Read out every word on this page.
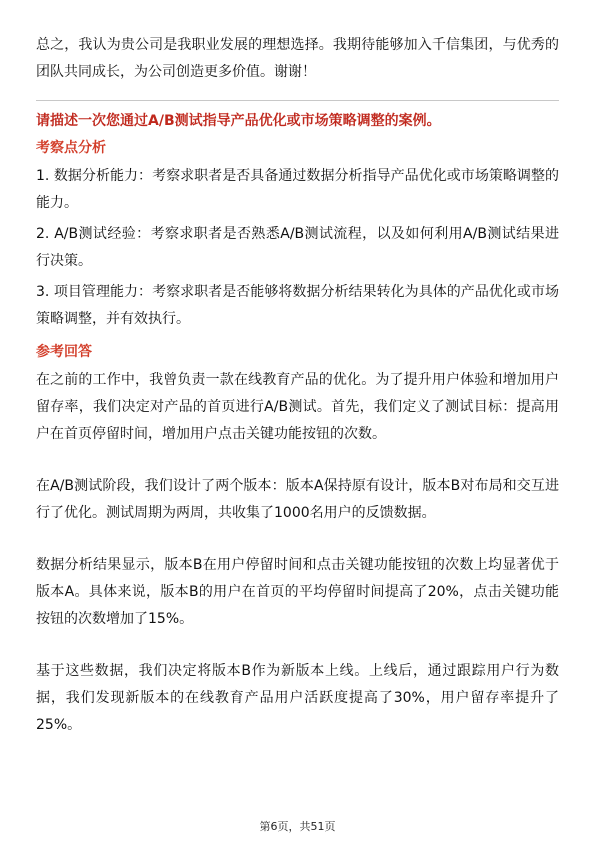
总之，我认为贵公司是我职业发展的理想选择。我期待能够加入千信集团，与优秀的团队共同成长，为公司创造更多价值。谢谢！

请描述一次您通过A/B测试指导产品优化或市场策略调整的案例。
考察点分析

1. 数据分析能力：考察求职者是否具备通过数据分析指导产品优化或市场策略调整的能力。

2. A/B测试经验：考察求职者是否熟悉A/B测试流程，以及如何利用A/B测试结果进行决策。

3. 项目管理能力：考察求职者是否能够将数据分析结果转化为具体的产品优化或市场策略调整，并有效执行。

参考回答

在之前的工作中，我曾负责一款在线教育产品的优化。为了提升用户体验和增加用户留存率，我们决定对产品的首页进行A/B测试。首先，我们定义了测试目标：提高用户在首页停留时间，增加用户点击关键功能按钮的次数。

在A/B测试阶段，我们设计了两个版本：版本A保持原有设计，版本B对布局和交互进行了优化。测试周期为两周，共收集了1000名用户的反馈数据。

数据分析结果显示，版本B在用户停留时间和点击关键功能按钮的次数上均显著优于版本A。具体来说，版本B的用户在首页的平均停留时间提高了20%，点击关键功能按钮的次数增加了15%。

基于这些数据，我们决定将版本B作为新版本上线。上线后，通过跟踪用户行为数据，我们发现新版本的在线教育产品用户活跃度提高了30%，用户留存率提升了25%。

第6页，共51页
